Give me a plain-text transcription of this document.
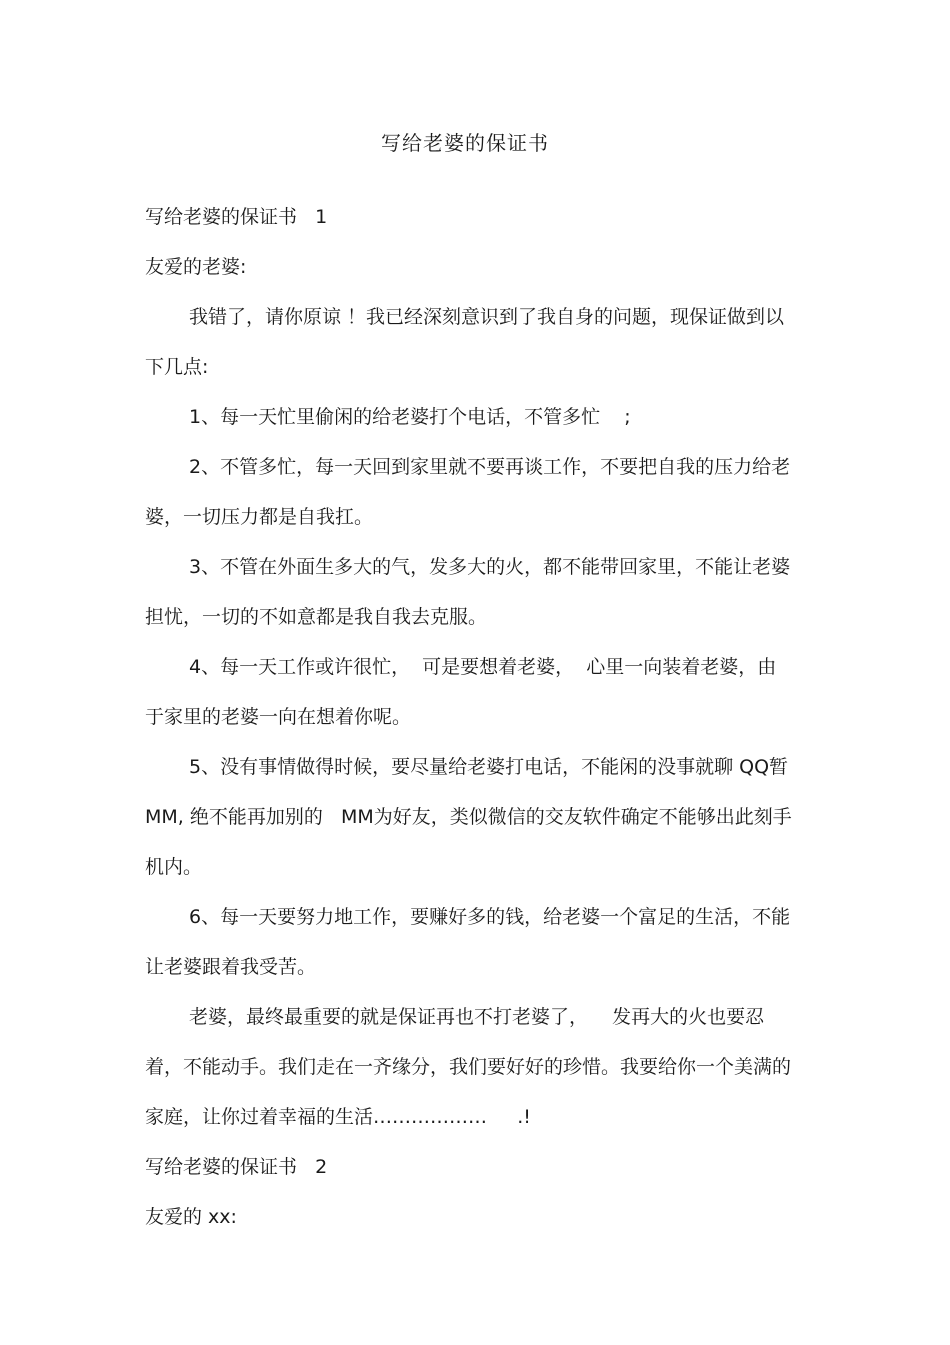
写给老婆的保证书

写给老婆的保证书   1

友爱的老婆:

我错了，请你原谅 ！我已经深刻意识到了我自身的问题，现保证做到以下几点:

1、每一天忙里偷闲的给老婆打个电话，不管多忙    ;

2、不管多忙，每一天回到家里就不要再谈工作，不要把自我的压力给老婆，一切压力都是自我扛。

3、不管在外面生多大的气，发多大的火，都不能带回家里，不能让老婆担忧，一切的不如意都是我自我去克服。

4、每一天工作或许很忙，  可是要想着老婆，  心里一向装着老婆，由于家里的老婆一向在想着你呢。

5、没有事情做得时候，要尽量给老婆打电话，不能闲的没事就聊 QQ暂 MM, 绝不能再加别的   MM为好友，类似微信的交友软件确定不能够出此刻手机内。

6、每一天要努力地工作，要赚好多的钱，给老婆一个富足的生活，不能让老婆跟着我受苦。

老婆，最终最重要的就是保证再也不打老婆了，    发再大的火也要忍着，不能动手。我们走在一齐缘分，我们要好好的珍惜。我要给你一个美满的家庭，让你过着幸福的生活………………     .!

写给老婆的保证书   2

友爱的 xx:
